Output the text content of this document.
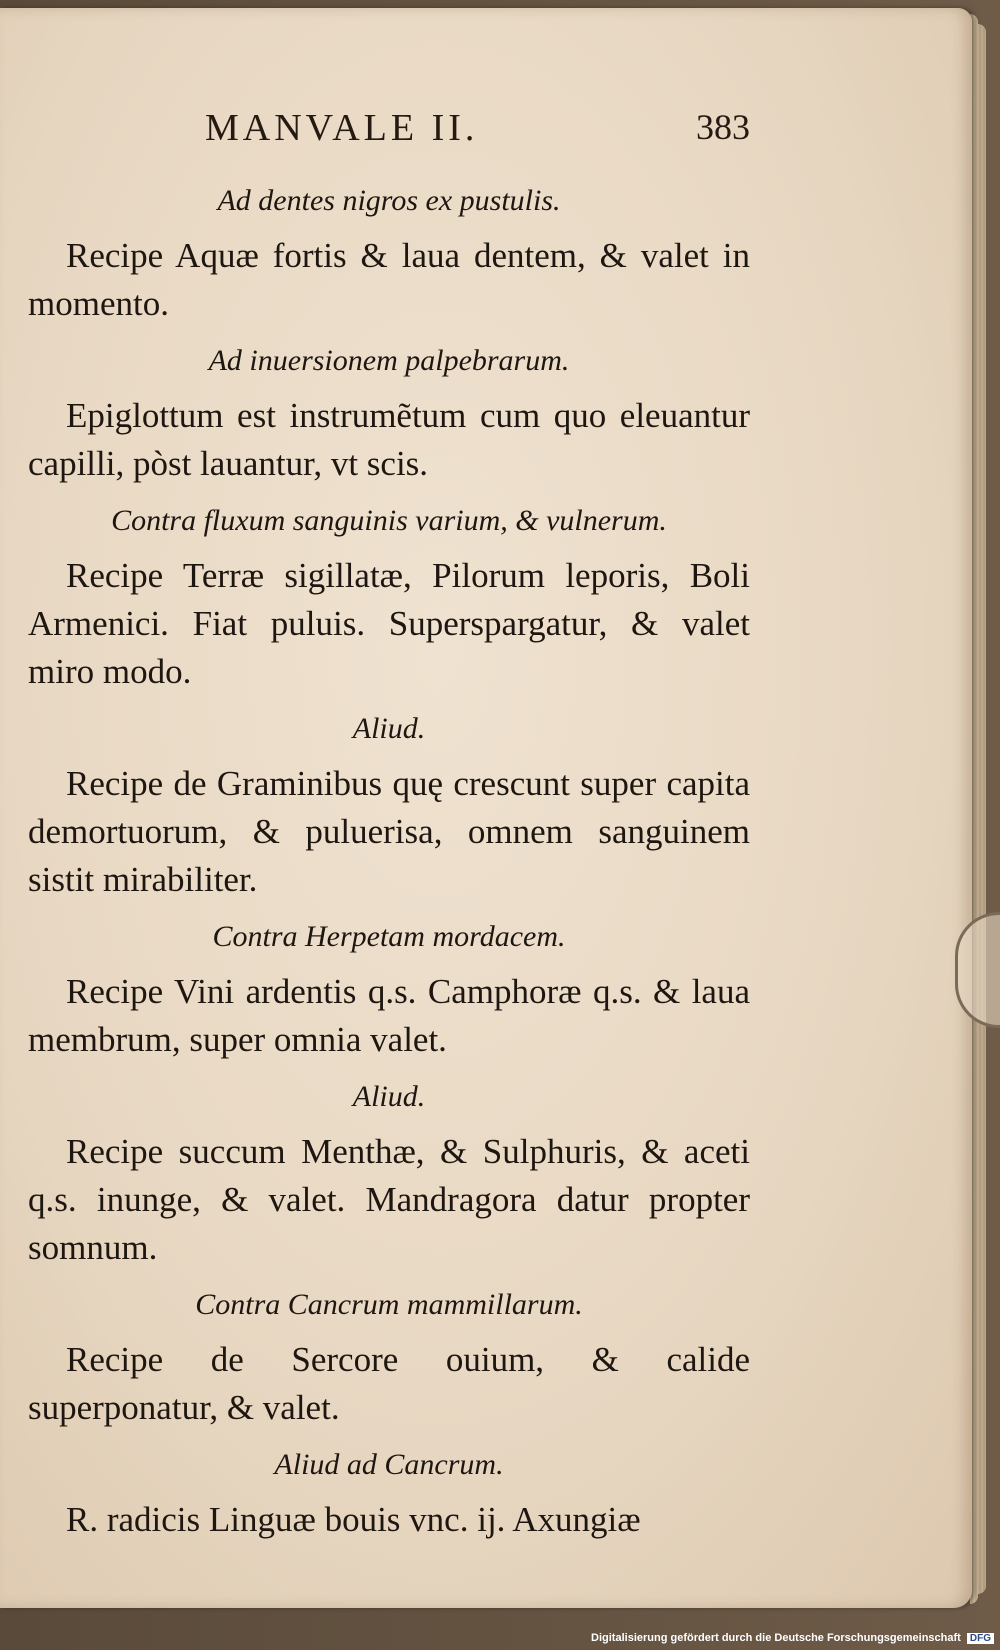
MANVALE II.	383
Ad dentes nigros ex pustulis.

Recipe Aquæ fortis & laua dentem, & valet in momento.

Ad inuersionem palpebrarum.

Epiglottum est instrumẽtum cum quo eleuantur capilli, pòst lauantur, vt scis.

Contra fluxum sanguinis varium, & vulnerum.

Recipe Terræ sigillatæ, Pilorum leporis, Boli Armenici. Fiat puluis. Superspargatur, & valet miro modo.

Aliud.

Recipe de Graminibus quę crescunt super capita demortuorum, & puluerisa, omnem sanguinem sistit mirabiliter.

Contra Herpetam mordacem.

Recipe Vini ardentis q.s. Camphoræ q.s. & laua membrum, super omnia valet.

Aliud.

Recipe succum Menthæ, & Sulphuris, & aceti q.s. inunge, & valet. Mandragora datur propter somnum.

Contra Cancrum mammillarum.

Recipe de Sercore ouium, & calide superponatur, & valet.

Aliud ad Cancrum.

R. radicis Linguæ bouis vnc. ij. Axungiæ

Digitalisierung gefördert durch die Deutsche Forschungsgemeinschaft DFG
